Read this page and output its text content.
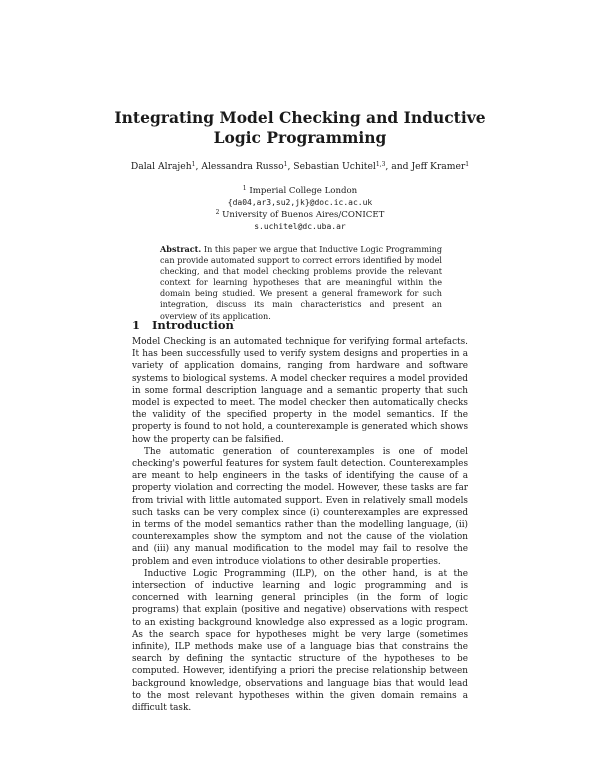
Integrating Model Checking and Inductive Logic Programming
Dalal Alrajeh$^1$, Alessandra Russo$^1$, Sebastian Uchitel$^{1,3}$, and Jeff Kramer$^1$
$^1$ Imperial College London
{da04,ar3,su2,jk}@doc.ic.ac.uk
$^2$ University of Buenos Aires/CONICET
s.uchitel@dc.uba.ar
Abstract. In this paper we argue that Inductive Logic Programming can provide automated support to correct errors identified by model checking, and that model checking problems provide the relevant context for learning hypotheses that are meaningful within the domain being studied. We present a general framework for such integration, discuss its main characteristics and present an overview of its application.
1 Introduction

Model Checking is an automated technique for verifying formal artefacts. It has been successfully used to verify system designs and properties in a variety of application domains, ranging from hardware and software systems to biological systems. A model checker requires a model provided in some formal description language and a semantic property that such model is expected to meet. The model checker then automatically checks the validity of the specified property in the model semantics. If the property is found to not hold, a counterexample is generated which shows how the property can be falsified.

The automatic generation of counterexamples is one of model checking's powerful features for system fault detection. Counterexamples are meant to help engineers in the tasks of identifying the cause of a property violation and correcting the model. However, these tasks are far from trivial with little automated support. Even in relatively small models such tasks can be very complex since (i) counterexamples are expressed in terms of the model semantics rather than the modelling language, (ii) counterexamples show the symptom and not the cause of the violation and (iii) any manual modification to the model may fail to resolve the problem and even introduce violations to other desirable properties.

Inductive Logic Programming (ILP), on the other hand, is at the intersection of inductive learning and logic programming and is concerned with learning general principles (in the form of logic programs) that explain (positive and negative) observations with respect to an existing background knowledge also expressed as a logic program. As the search space for hypotheses might be very large (sometimes infinite), ILP methods make use of a language bias that constrains the search by defining the syntactic structure of the hypotheses to be computed. However, identifying a priori the precise relationship between background knowledge, observations and language bias that would lead to the most relevant hypotheses within the given domain remains a difficult task.
